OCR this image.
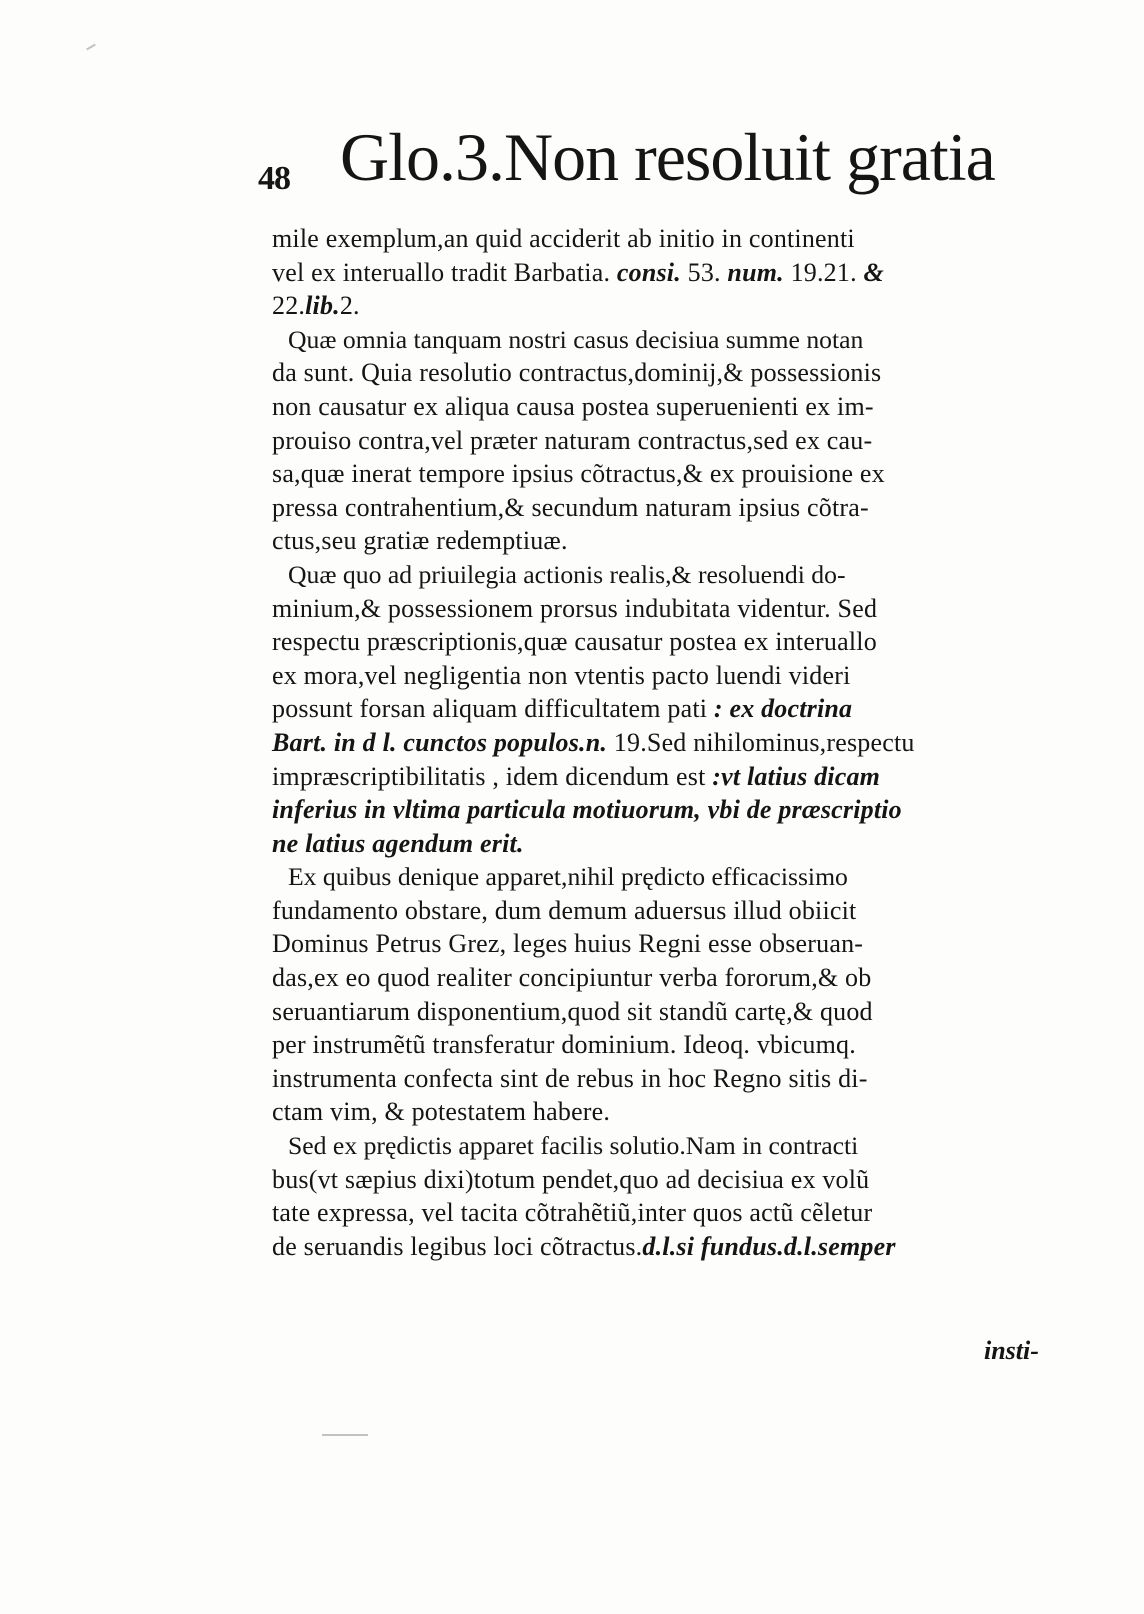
48 Glo.3.Non resoluit gratia
mile exemplum,an quid acciderit ab initio in continenti
vel ex interuallo tradit Barbatia. consi. 53. num. 19.21. &
22.lib.2.
Quæ omnia tanquam nostri casus decisiua summe notan
da sunt. Quia resolutio contractus,dominij,& possessionis
non causatur ex aliqua causa postea superuenienti ex im-
prouiso contra,vel præter naturam contractus,sed ex cau-
sa,quæ inerat tempore ipsius cõtractus,& ex prouisione ex
pressa contrahentium,& secundum naturam ipsius cõtra-
ctus,seu gratiæ redemptiuæ.
Quæ quo ad priuilegia actionis realis,& resoluendi do-
minium,& possessionem prorsus indubitata videntur. Sed
respectu præscriptionis,quæ causatur postea ex interuallo
ex mora,vel negligentia non vtentis pacto luendi videri
possunt forsan aliquam difficultatem pati : ex doctrina
Bart. in d l. cunctos populos.n. 19.Sed nihilominus,respectu
impræscriptibilitatis , idem dicendum est :vt latius dicam
inferius in vltima particula motiuorum, vbi de præscriptio
ne latius agendum erit.
Ex quibus denique apparet,nihil prędicto efficacissimo
fundamento obstare, dum demum aduersus illud obiicit
Dominus Petrus Grez, leges huius Regni esse obseruan-
das,ex eo quod realiter concipiuntur verba fororum,& ob
seruantiarum disponentium,quod sit standũ cartę,& quod
per instrumẽtũ transferatur dominium. Ideoq. vbicumq.
instrumenta confecta sint de rebus in hoc Regno sitis di-
ctam vim, & potestatem habere.
Sed ex prędictis apparet facilis solutio.Nam in contracti
bus(vt sæpius dixi)totum pendet,quo ad decisiua ex volũ
tate expressa, vel tacita cõtrahẽtiũ,inter quos actũ cẽletur
de seruandis legibus loci cõtractus.d.l.si fundus.d.l.semper
insti-
